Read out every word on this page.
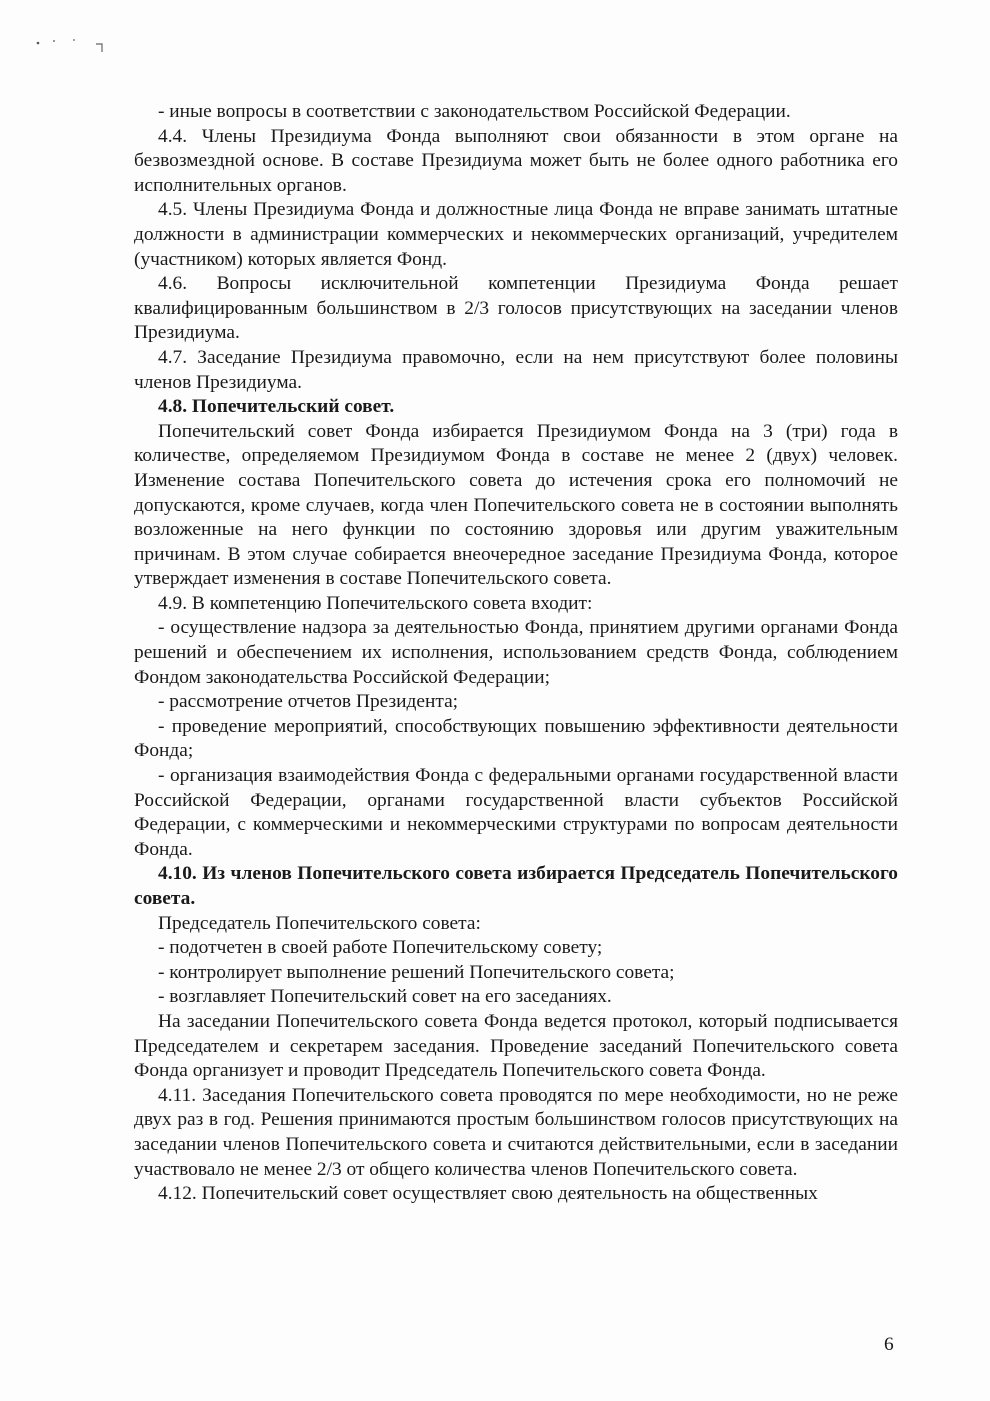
- иные вопросы в соответствии с законодательством Российской Федерации.

4.4. Члены Президиума Фонда выполняют свои обязанности в этом органе на безвозмездной основе. В составе Президиума может быть не более одного работника его исполнительных органов.

4.5. Члены Президиума Фонда и должностные лица Фонда не вправе занимать штатные должности в администрации коммерческих и некоммерческих организаций, учредителем (участником) которых является Фонд.

4.6. Вопросы исключительной компетенции Президиума Фонда решает квалифицированным большинством в 2/3 голосов присутствующих на заседании членов Президиума.

4.7. Заседание Президиума правомочно, если на нем присутствуют более половины членов Президиума.

4.8. Попечительский совет.

Попечительский совет Фонда избирается Президиумом Фонда на 3 (три) года в количестве, определяемом Президиумом Фонда в составе не менее 2 (двух) человек. Изменение состава Попечительского совета до истечения срока его полномочий не допускаются, кроме случаев, когда член Попечительского совета не в состоянии выполнять возложенные на него функции по состоянию здоровья или другим уважительным причинам. В этом случае собирается внеочередное заседание Президиума Фонда, которое утверждает изменения в составе Попечительского совета.

4.9. В компетенцию Попечительского совета входит:

- осуществление надзора за деятельностью Фонда, принятием другими органами Фонда решений и обеспечением их исполнения, использованием средств Фонда, соблюдением Фондом законодательства Российской Федерации;

- рассмотрение отчетов Президента;

- проведение мероприятий, способствующих повышению эффективности деятельности Фонда;

- организация взаимодействия Фонда с федеральными органами государственной власти Российской Федерации, органами государственной власти субъектов Российской Федерации, с коммерческими и некоммерческими структурами по вопросам деятельности Фонда.

4.10. Из членов Попечительского совета избирается Председатель Попечительского совета.

Председатель Попечительского совета:

- подотчетен в своей работе Попечительскому совету;

- контролирует выполнение решений Попечительского совета;

- возглавляет Попечительский совет на его заседаниях.

На заседании Попечительского совета Фонда ведется протокол, который подписывается Председателем и секретарем заседания. Проведение заседаний Попечительского совета Фонда организует и проводит Председатель Попечительского совета Фонда.

4.11. Заседания Попечительского совета проводятся по мере необходимости, но не реже двух раз в год. Решения принимаются простым большинством голосов присутствующих на заседании членов Попечительского совета и считаются действительными, если в заседании участвовало не менее 2/3 от общего количества членов Попечительского совета.

4.12. Попечительский совет осуществляет свою деятельность на общественных

6
